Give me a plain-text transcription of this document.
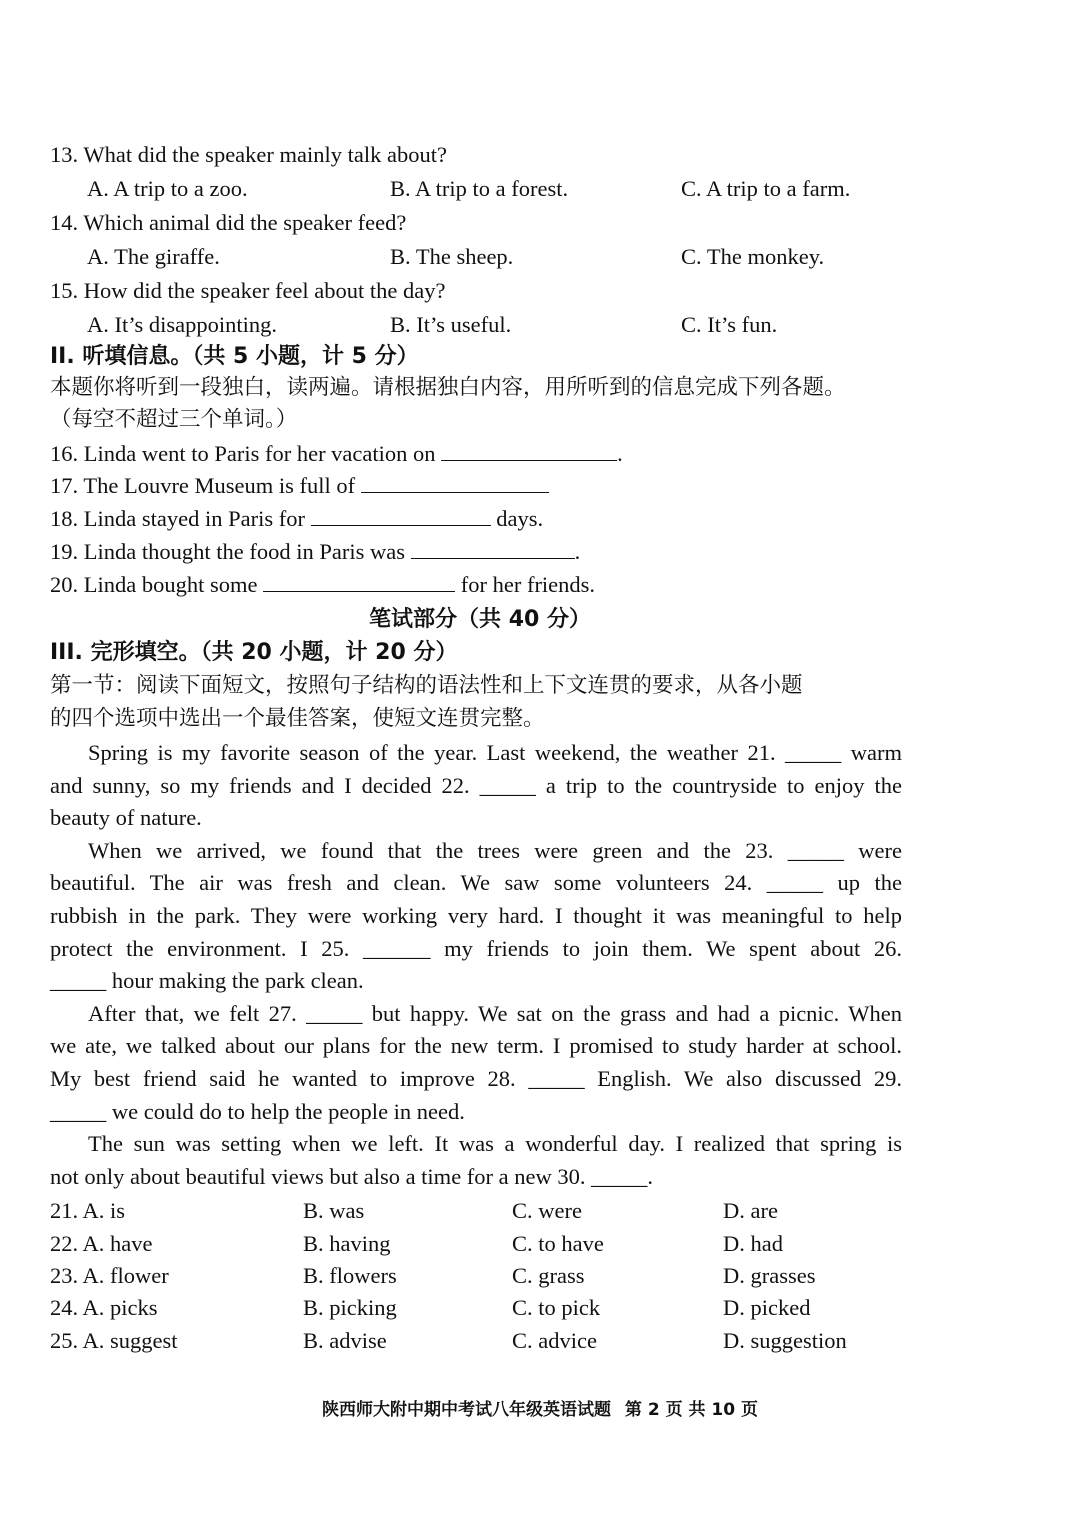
13. What did the speaker mainly talk about?
A. A trip to a zoo.	B. A trip to a forest.	C. A trip to a farm.
14. Which animal did the speaker feed?
A. The giraffe.	B. The sheep.	C. The monkey.
15. How did the speaker feel about the day?
A. It’s disappointing.	B. It’s useful.	C. It’s fun.
II. 听填信息。（共 5 小题，计 5 分）
本题你将听到一段独白，读两遍。请根据独白内容，用所听到的信息完成下列各题。
（每空不超过三个单词。）
16. Linda went to Paris for her vacation on	.
17. The Louvre Museum is full of
18. Linda stayed in Paris for	days.
19. Linda thought the food in Paris was	.
20. Linda bought some	for her friends.
笔试部分（共 40 分）
III. 完形填空。（共 20 小题，计 20 分）
第一节：阅读下面短文，按照句子结构的语法性和上下文连贯的要求，从各小题
的四个选项中选出一个最佳答案，使短文连贯完整。
Spring is my favorite season of the year. Last weekend, the weather 21. _____ warm
and sunny, so my friends and I decided 22. _____ a trip to the countryside to enjoy the
beauty of nature.
When we arrived, we found that the trees were green and the 23. _____ were
beautiful. The air was fresh and clean. We saw some volunteers 24. _____ up the
rubbish in the park. They were working very hard. I thought it was meaningful to help
protect the environment. I 25. ______ my friends to join them. We spent about 26.
_____ hour making the park clean.
After that, we felt 27. _____ but happy. We sat on the grass and had a picnic. When
we ate, we talked about our plans for the new term. I promised to study harder at school.
My best friend said he wanted to improve 28. _____ English. We also discussed 29.
_____ we could do to help the people in need.
The sun was setting when we left. It was a wonderful day. I realized that spring is
not only about beautiful views but also a time for a new 30. _____.
21. A. is	B. was	C. were	D. are
22. A. have	B. having	C. to have	D. had
23. A. flower	B. flowers	C. grass	D. grasses
24. A. picks	B. picking	C. to pick	D. picked
25. A. suggest	B. advise	C. advice	D. suggestion
陕西师大附中期中考试八年级英语试题 第 2 页 共 10 页
